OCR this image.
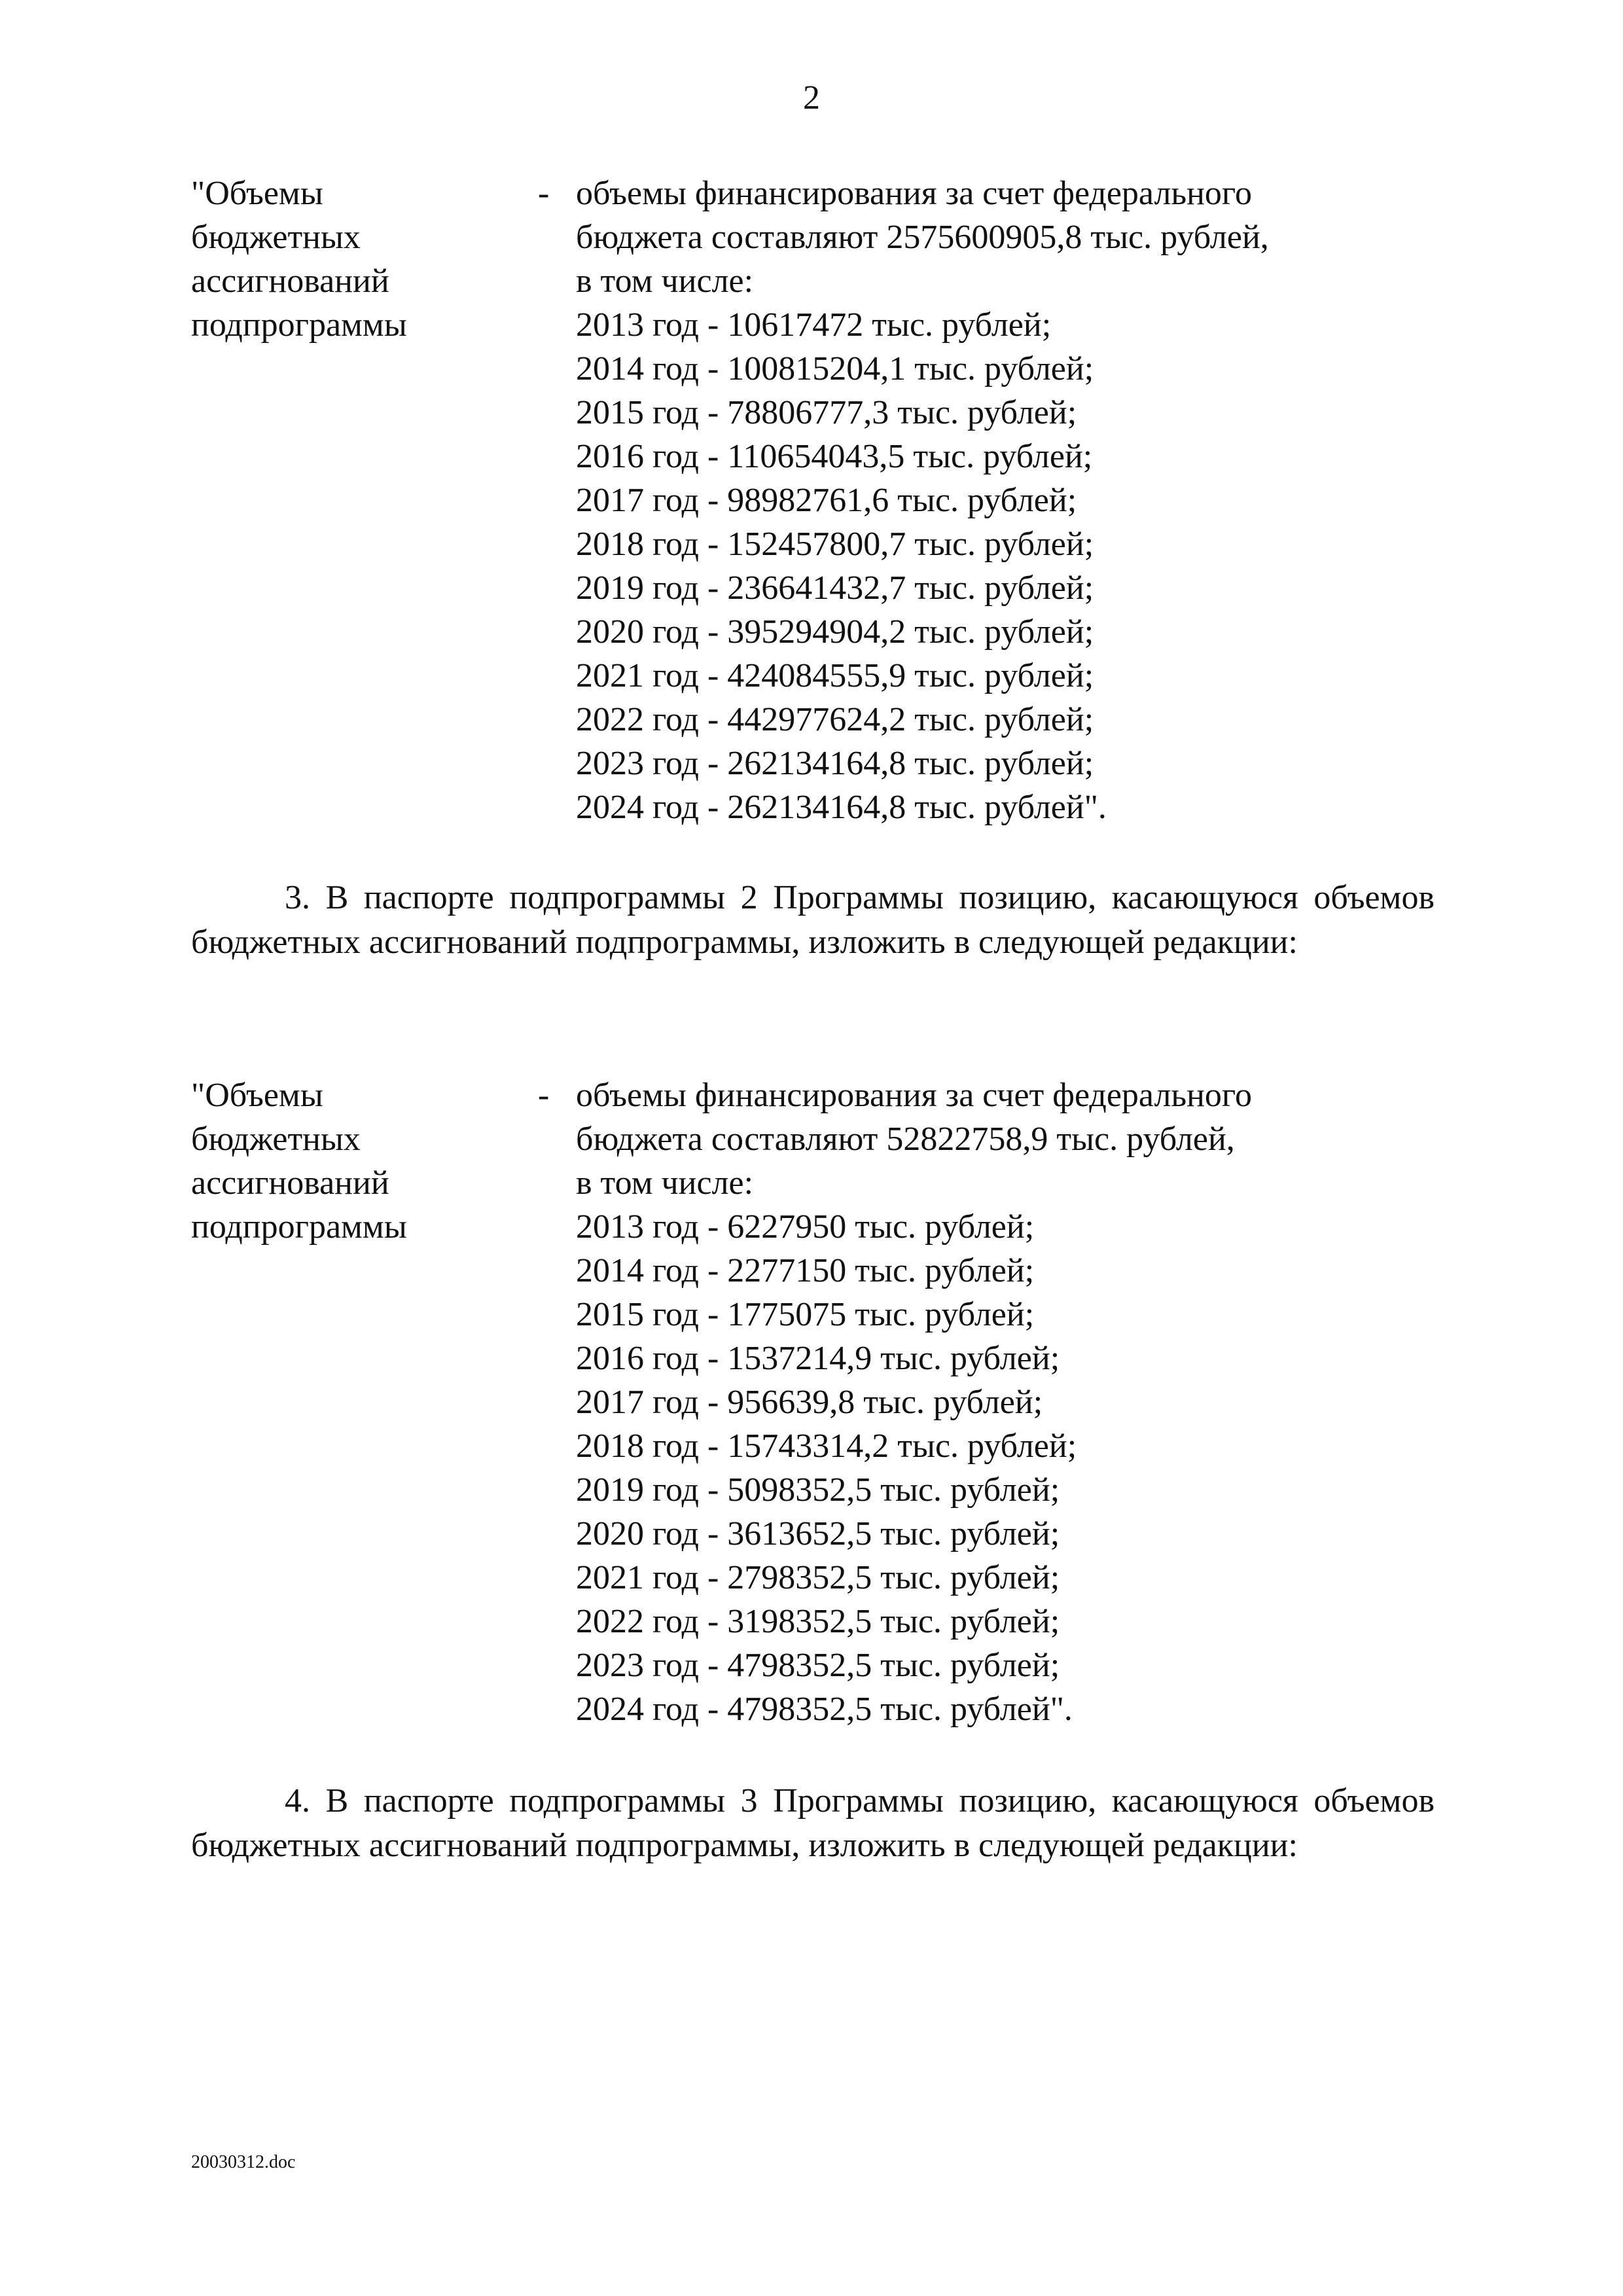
2
"Объемы
бюджетных
ассигнований
подпрограммы
- объемы финансирования за счет федерального
бюджета составляют 2575600905,8 тыс. рублей,
в том числе:
2013 год - 10617472 тыс. рублей;
2014 год - 100815204,1 тыс. рублей;
2015 год - 78806777,3 тыс. рублей;
2016 год - 110654043,5 тыс. рублей;
2017 год - 98982761,6 тыс. рублей;
2018 год - 152457800,7 тыс. рублей;
2019 год - 236641432,7 тыс. рублей;
2020 год - 395294904,2 тыс. рублей;
2021 год - 424084555,9 тыс. рублей;
2022 год - 442977624,2 тыс. рублей;
2023 год - 262134164,8 тыс. рублей;
2024 год - 262134164,8 тыс. рублей".
3. В паспорте подпрограммы 2 Программы позицию, касающуюся объемов бюджетных ассигнований подпрограммы, изложить в следующей редакции:
"Объемы
бюджетных
ассигнований
подпрограммы
- объемы финансирования за счет федерального
бюджета составляют 52822758,9 тыс. рублей,
в том числе:
2013 год - 6227950 тыс. рублей;
2014 год - 2277150 тыс. рублей;
2015 год - 1775075 тыс. рублей;
2016 год - 1537214,9 тыс. рублей;
2017 год - 956639,8 тыс. рублей;
2018 год - 15743314,2 тыс. рублей;
2019 год - 5098352,5 тыс. рублей;
2020 год - 3613652,5 тыс. рублей;
2021 год - 2798352,5 тыс. рублей;
2022 год - 3198352,5 тыс. рублей;
2023 год - 4798352,5 тыс. рублей;
2024 год - 4798352,5 тыс. рублей".
4. В паспорте подпрограммы 3 Программы позицию, касающуюся объемов бюджетных ассигнований подпрограммы, изложить в следующей редакции:
20030312.doc
